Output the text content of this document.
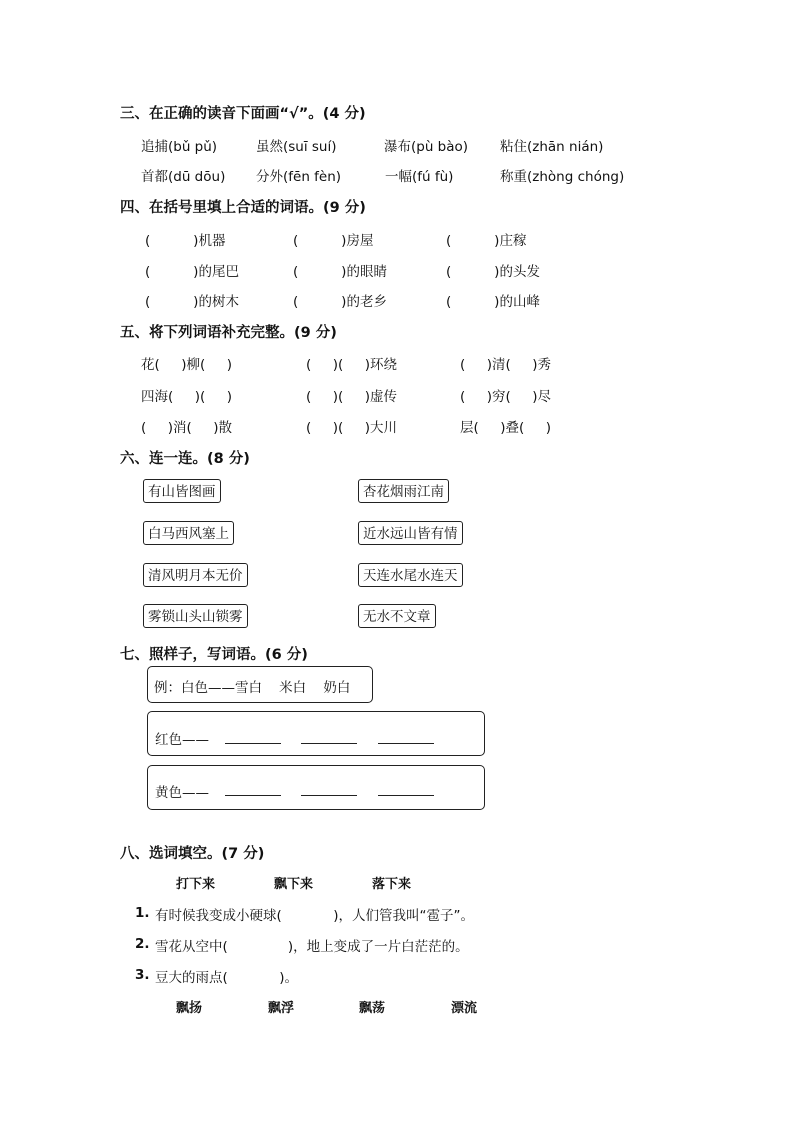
三、在正确的读音下面画“√”。(4 分)
追捕(bǔ pǔ)	虽然(suī suí)	瀑布(pù bào) 粘住(zhān nián)
首都(dū dōu) 分外(fēn fèn)	一幅(fú fù)	称重(zhòng chóng)
四、在括号里填上合适的词语。(9 分)
(          )机器	(          )房屋	(          )庄稼
(          )的尾巴	(          )的眼睛	(          )的头发
(          )的树木	(          )的老乡	(          )的山峰
五、将下列词语补充完整。(9 分)
花(     )柳(     )	(     )(     )环绕	(     )清(     )秀
四海(     )(     )	(     )(     )虚传	(     )穷(     )尽
(     )消(     )散	(     )(     )大川	层(     )叠(     )
六、连一连。(8 分)
有山皆图画
白马西风塞上
清风明月本无价
雾锁山头山锁雾
杏花烟雨江南
近水远山皆有情
天连水尾水连天
无水不文章
七、照样子，写词语。(6 分)
例：白色——雪白    米白    奶白
红色——
黄色——
八、选词填空。(7 分)
打下来	飘下来	落下来
1. 有时候我变成小硬球(            )，人们管我叫“雹子”。
2. 雪花从空中(              )，地上变成了一片白茫茫的。
3. 豆大的雨点(            )。
飘扬	飘浮	飘荡	漂流
